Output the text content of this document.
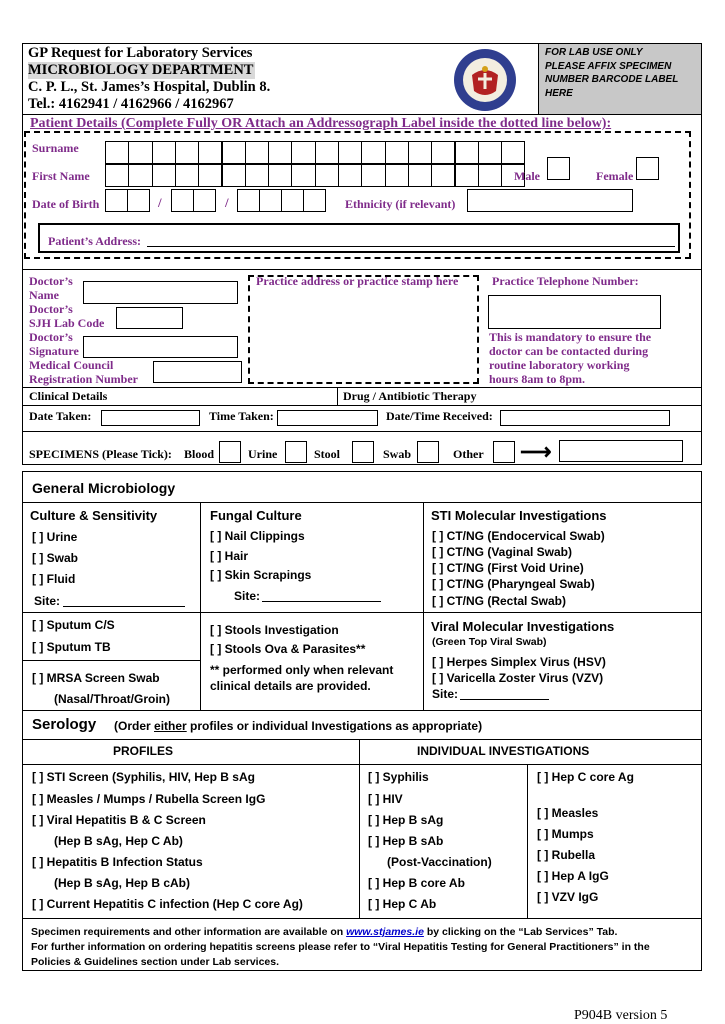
FOR LAB USE ONLY
PLEASE AFFIX SPECIMEN
NUMBER BARCODE LABEL
HERE
GP Request for Laboratory Services
MICROBIOLOGY DEPARTMENT
C. P. L., St. James’s Hospital, Dublin 8.
Tel.: 4162941 / 4162966 / 4162967
Patient Details (Complete Fully OR Attach an Addressograph Label inside the dotted line below):
Surname
First Name	Male	Female
Date of Birth	/	/	Ethnicity (if relevant)
Patient’s Address:
Doctor’s
Name
Doctor’s
SJH Lab Code
Doctor’s
Signature
Medical Council
Registration Number
Practice address or practice stamp here	Practice Telephone Number:
This is mandatory to ensure the
doctor can be contacted during
routine laboratory working
hours 8am to 8pm.
Clinical Details	Drug / Antibiotic Therapy
Date Taken:	Time Taken:	Date/Time Received:
SPECIMENS (Please Tick): Blood	Urine	Stool	Swab	Other ⟶
General Microbiology
Culture & Sensitivity
[ ] Urine
[ ] Swab
[ ] Fluid
Site:
Fungal Culture
[ ] Nail Clippings
[ ] Hair
[ ] Skin Scrapings
Site:
STI Molecular Investigations
[ ] CT/NG (Endocervical Swab)
[ ] CT/NG (Vaginal Swab)
[ ] CT/NG (First Void Urine)
[ ] CT/NG (Pharyngeal Swab)
[ ] CT/NG (Rectal Swab)
[ ] Sputum C/S
[ ] Sputum TB
[ ] MRSA Screen Swab
(Nasal/Throat/Groin)
[ ] Stools Investigation
[ ] Stools Ova & Parasites**
** performed only when relevant
clinical details are provided.
Viral Molecular Investigations
(Green Top Viral Swab)
[ ] Herpes Simplex Virus (HSV)
[ ] Varicella Zoster Virus (VZV)
Site:
Serology (Order either profiles or individual Investigations as appropriate)
PROFILES	INDIVIDUAL INVESTIGATIONS
[ ] STI Screen (Syphilis, HIV, Hep B sAg
[ ] Measles / Mumps / Rubella Screen IgG
[ ] Viral Hepatitis B & C Screen
(Hep B sAg, Hep C Ab)
[ ] Hepatitis B Infection Status
(Hep B sAg, Hep B cAb)
[ ] Current Hepatitis C infection (Hep C core Ag)
[ ] Syphilis
[ ] HIV
[ ] Hep B sAg
[ ] Hep B sAb
(Post-Vaccination)
[ ] Hep B core Ab
[ ] Hep C Ab
[ ] Hep C core Ag
[ ] Measles
[ ] Mumps
[ ] Rubella
[ ] Hep A IgG
[ ] VZV IgG
Specimen requirements and other information are available on www.stjames.ie by clicking on the “Lab Services” Tab.
For further information on ordering hepatitis screens please refer to “Viral Hepatitis Testing for General Practitioners” in the
Policies & Guidelines section under Lab services.
P904B version 5
